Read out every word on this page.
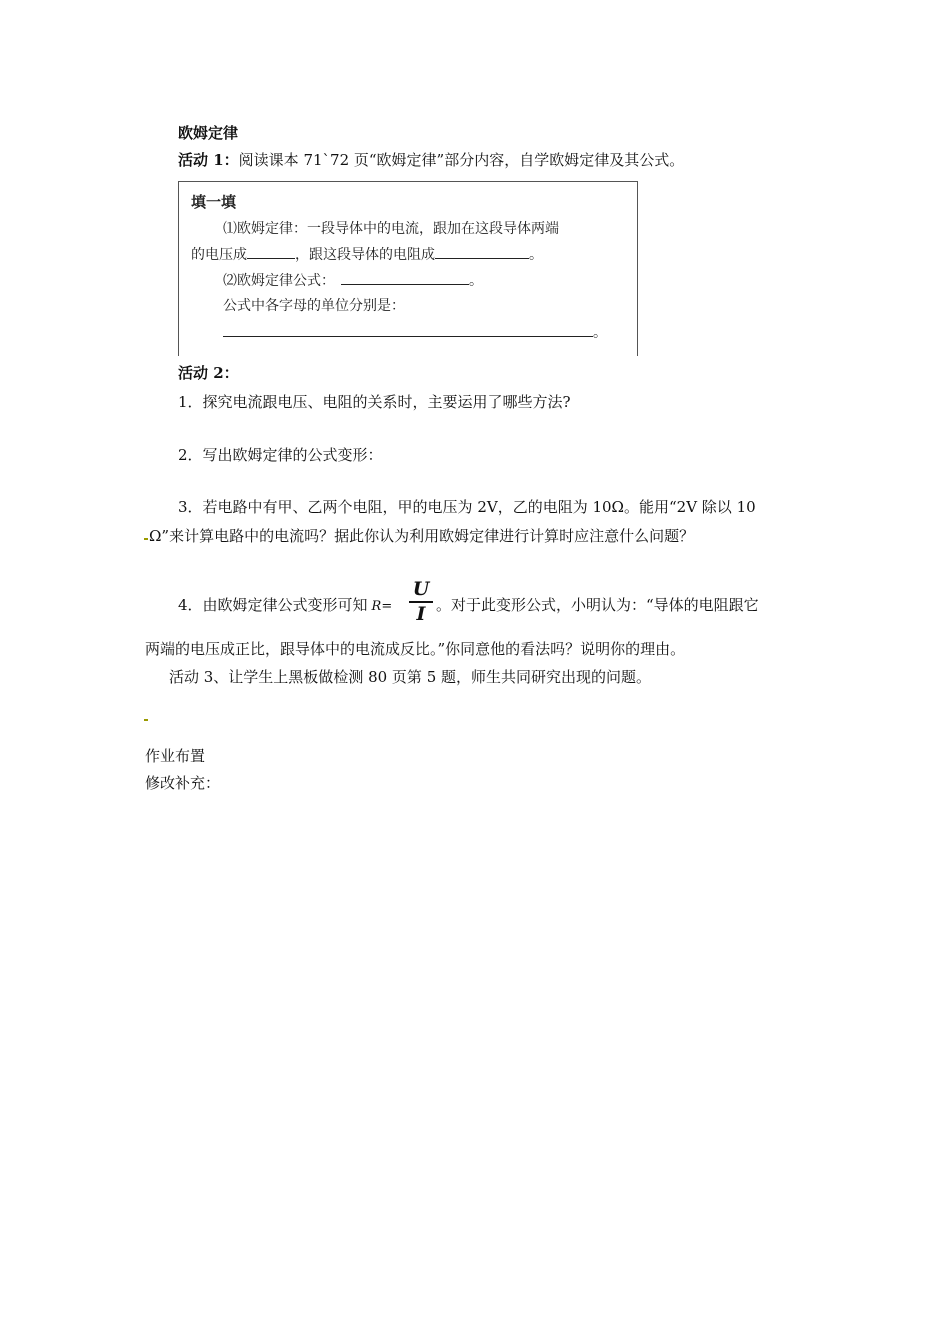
欧姆定律
活动 1：阅读课本 71`72 页“欧姆定律”部分内容，自学欧姆定律及其公式。
填一填
⑴欧姆定律：一段导体中的电流，跟加在这段导体两端
的电压成	，跟这段导体的电阻成	。
⑵欧姆定律公式：	。
公式中各字母的单位分别是：
。
活动 2：
1．探究电流跟电压、电阻的关系时，主要运用了哪些方法?
2．写出欧姆定律的公式变形：
3．若电路中有甲、乙两个电阻，甲的电压为 2V，乙的电阻为 10Ω。能用“2V 除以 10
Ω”来计算电路中的电流吗？据此你认为利用欧姆定律进行计算时应注意什么问题？
4．由欧姆定律公式变形可知 R=
U
I 。对于此变形公式，小明认为：“导体的电阻跟它
两端的电压成正比，跟导体中的电流成反比。”你同意他的看法吗？说明你的理由。
活动 3、让学生上黑板做检测 80 页第 5 题，师生共同研究出现的问题。
作业布置
修改补充：
